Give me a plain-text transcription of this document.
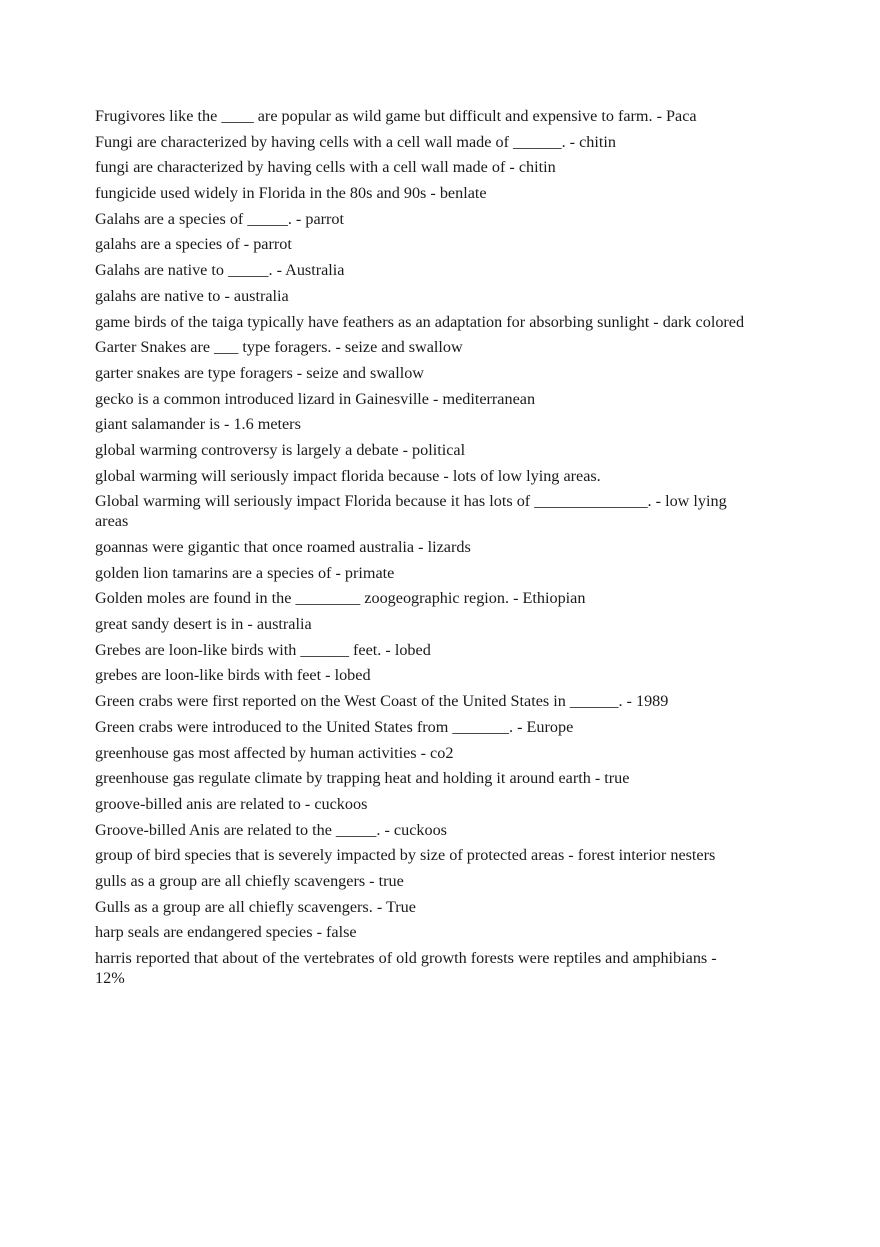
Frugivores like the ____ are popular as wild game but difficult and expensive to farm. - Paca

Fungi are characterized by having cells with a cell wall made of ______. - chitin

fungi are characterized by having cells with a cell wall made of - chitin

fungicide used widely in Florida in the 80s and 90s - benlate

Galahs are a species of _____. - parrot

galahs are a species of - parrot

Galahs are native to _____. - Australia

galahs are native to - australia

game birds of the taiga typically have feathers as an adaptation for absorbing sunlight - dark colored

Garter Snakes are ___ type foragers. - seize and swallow

garter snakes are type foragers - seize and swallow

gecko is a common introduced lizard in Gainesville - mediterranean

giant salamander is - 1.6 meters

global warming controversy is largely a debate - political

global warming will seriously impact florida because - lots of low lying areas.

Global warming will seriously impact Florida because it has lots of ______________. - low lying areas

goannas were gigantic that once roamed australia - lizards

golden lion tamarins are a species of - primate

Golden moles are found in the ________ zoogeographic region. - Ethiopian

great sandy desert is in - australia

Grebes are loon-like birds with ______ feet. - lobed

grebes are loon-like birds with feet - lobed

Green crabs were first reported on the West Coast of the United States in ______. - 1989

Green crabs were introduced to the United States from _______. - Europe

greenhouse gas most affected by human activities - co2

greenhouse gas regulate climate by trapping heat and holding it around earth - true

groove-billed anis are related to - cuckoos

Groove-billed Anis are related to the _____. - cuckoos

group of bird species that is severely impacted by size of protected areas - forest interior nesters

gulls as a group are all chiefly scavengers - true

Gulls as a group are all chiefly scavengers. - True

harp seals are endangered species - false

harris reported that about of the vertebrates of old growth forests were reptiles and amphibians - 12%
